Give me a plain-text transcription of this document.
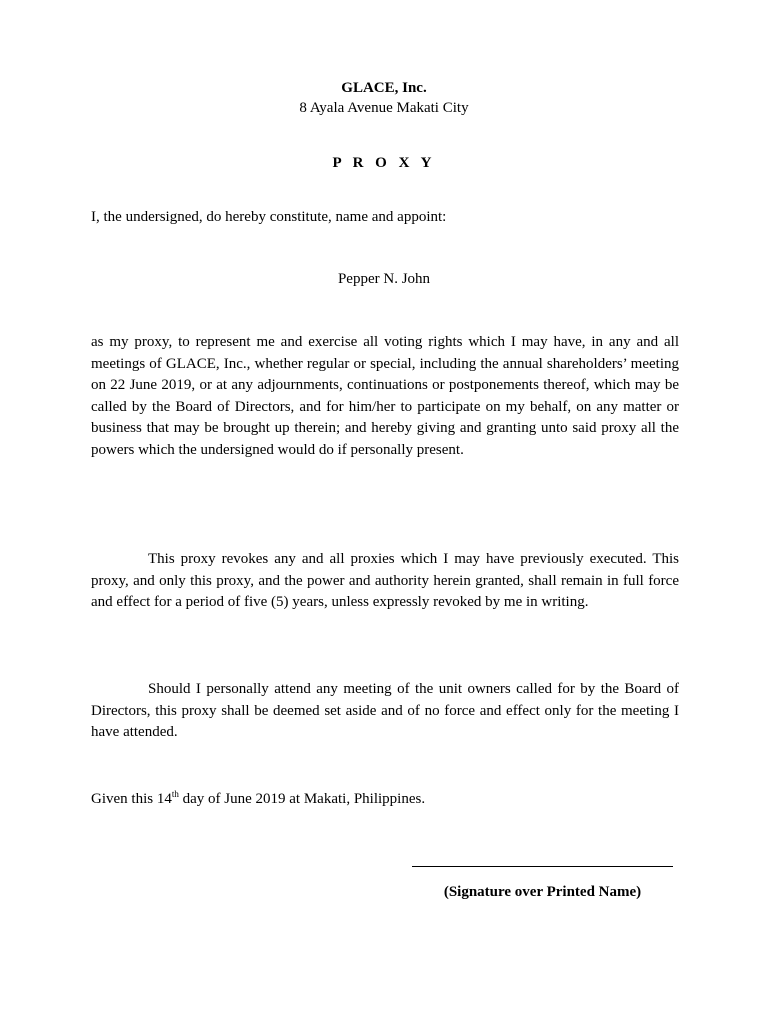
GLACE, Inc.
8 Ayala Avenue Makati City
P R O X Y
I, the undersigned, do hereby constitute, name and appoint:
Pepper N. John
as my proxy, to represent me and exercise all voting rights which I may have, in any and all meetings of GLACE, Inc., whether regular or special, including the annual shareholders’ meeting on 22 June 2019, or at any adjournments, continuations or postponements thereof, which may be called by the Board of Directors, and for him/her to participate on my behalf, on any matter or business that may be brought up therein; and hereby giving and granting unto said proxy all the powers which the undersigned would do if personally present.
This proxy revokes any and all proxies which I may have previously executed. This proxy, and only this proxy, and the power and authority herein granted, shall remain in full force and effect for a period of five (5) years, unless expressly revoked by me in writing.
Should I personally attend any meeting of the unit owners called for by the Board of Directors, this proxy shall be deemed set aside and of no force and effect only for the meeting I have attended.
Given this 14th day of June 2019 at Makati, Philippines.
(Signature over Printed Name)
